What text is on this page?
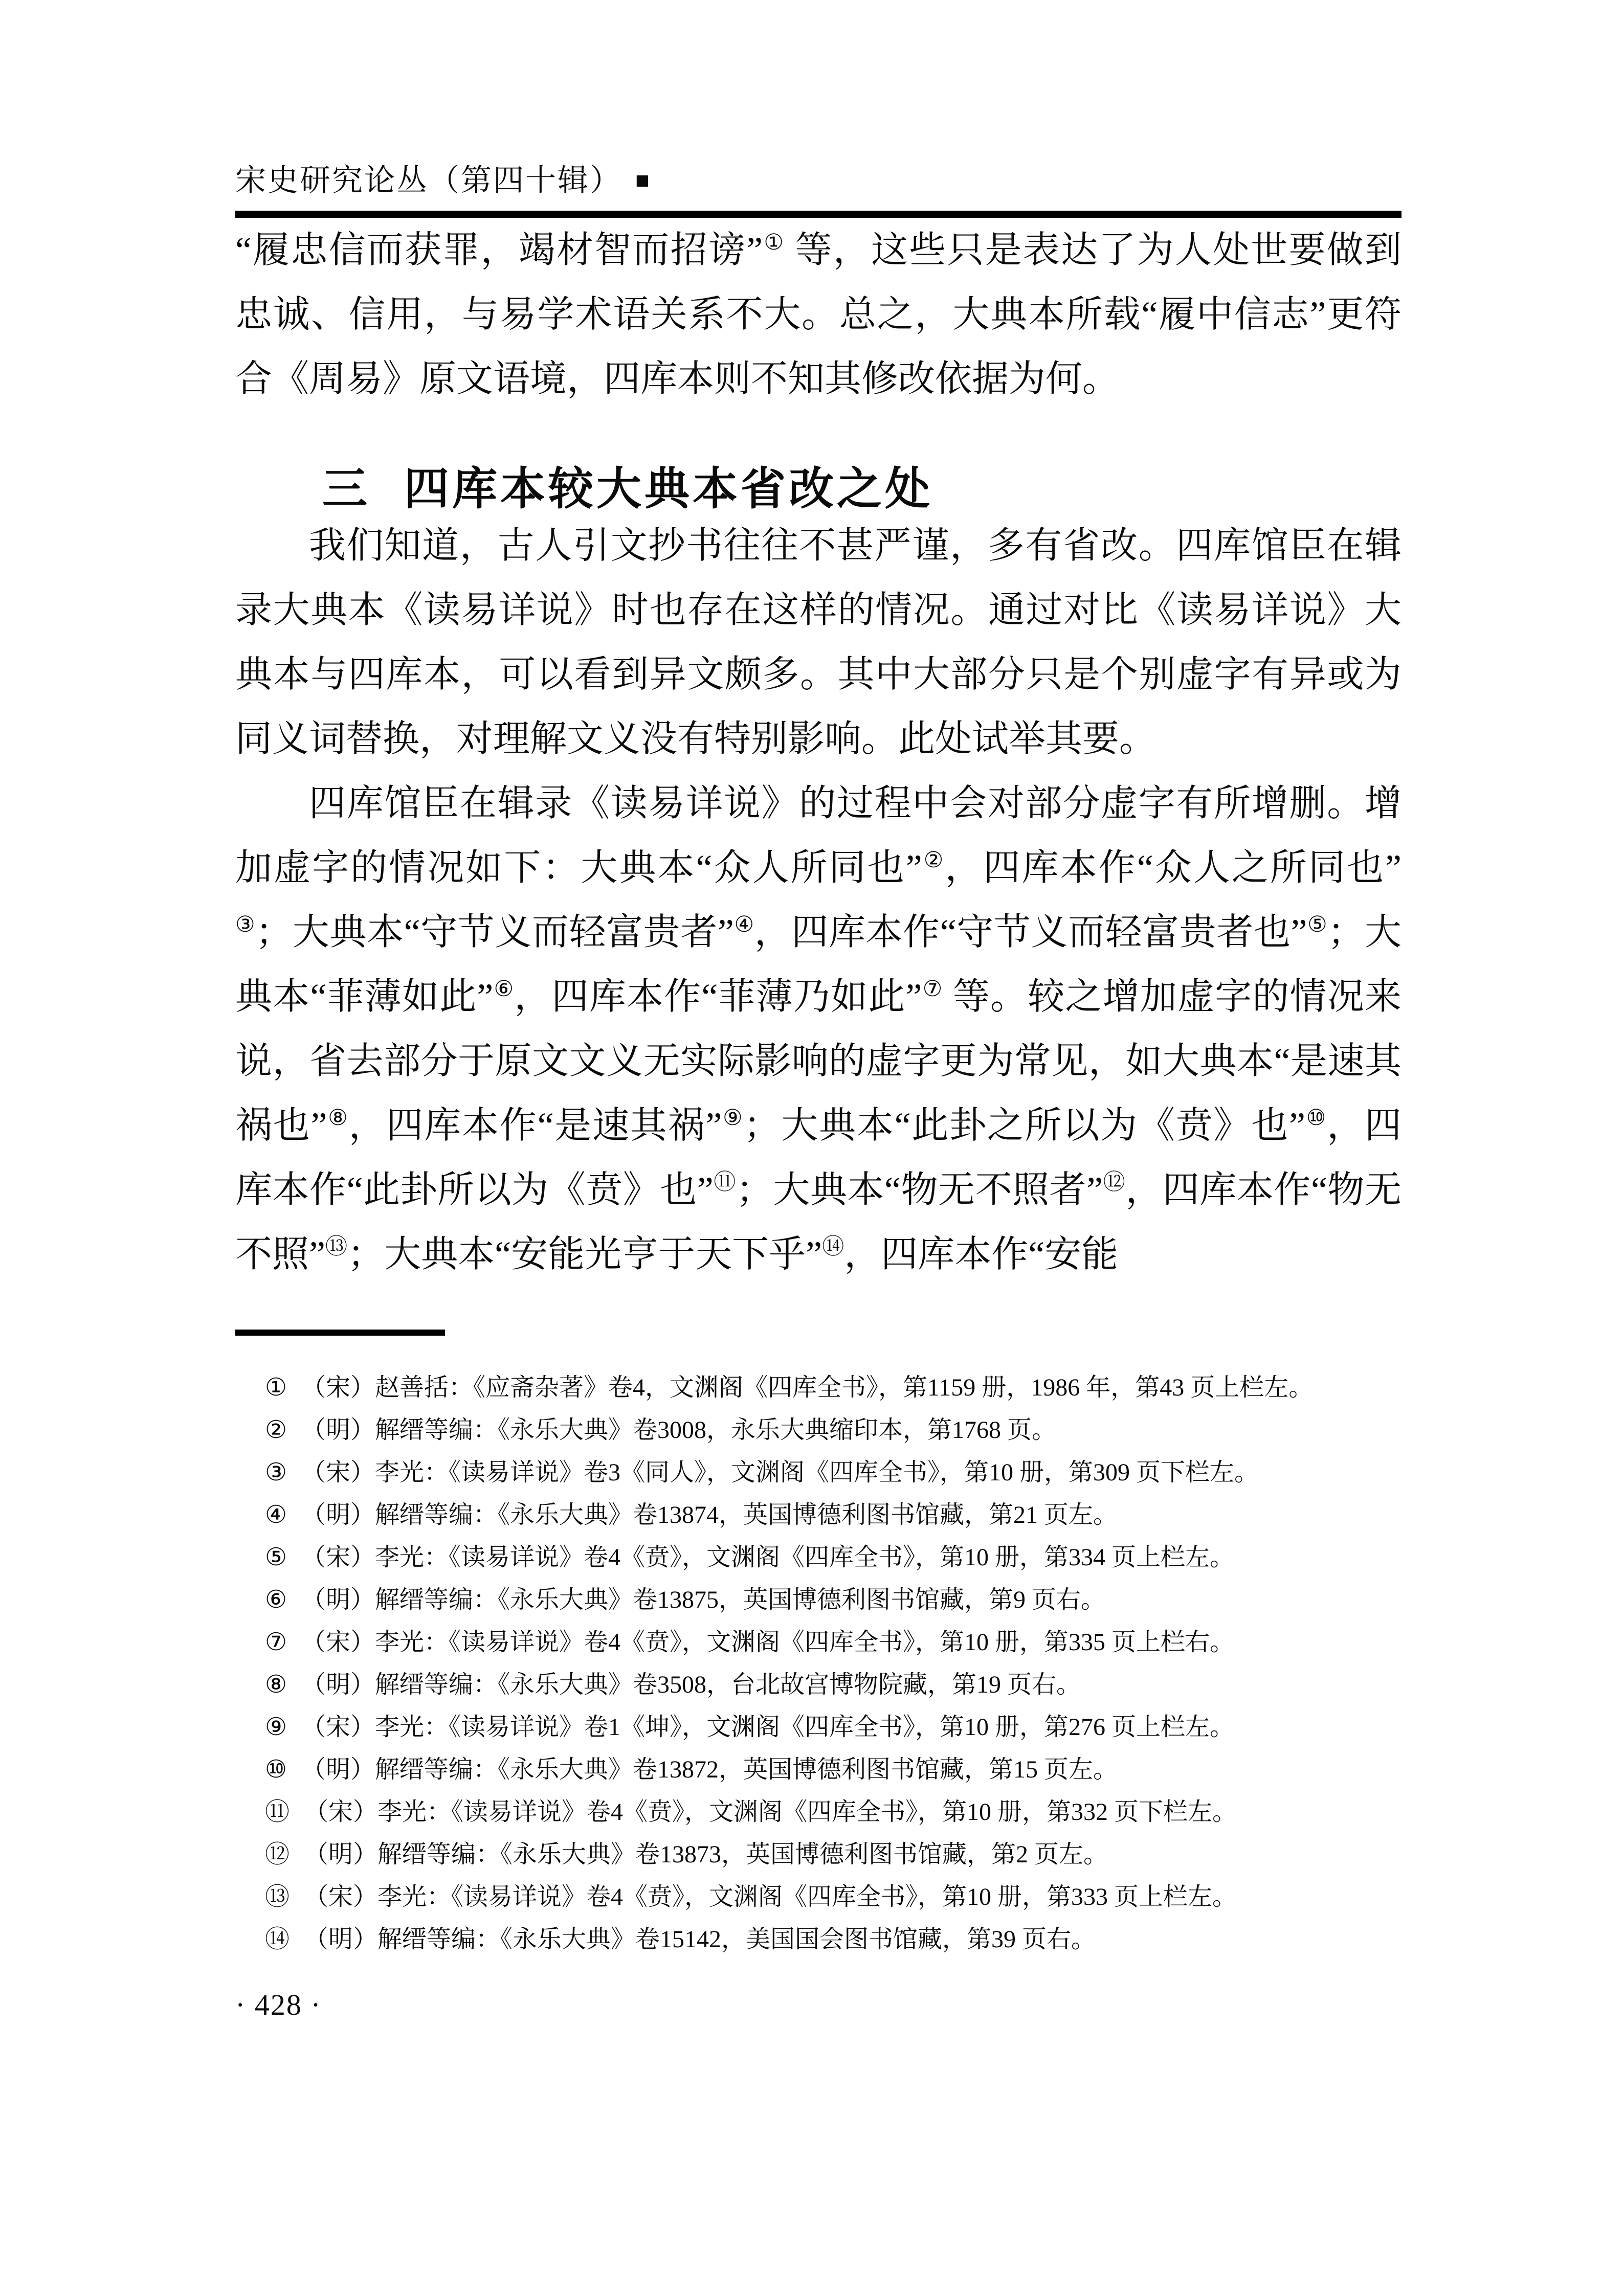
宋史研究论丛（第四十辑） ■

“履忠信而获罪，竭材智而招谤”① 等，这些只是表达了为人处世要做到忠诚、信用，与易学术语关系不大。总之，大典本所载“履中信志”更符合《周易》原文语境，四库本则不知其修改依据为何。

三 四库本较大典本省改之处

我们知道，古人引文抄书往往不甚严谨，多有省改。四库馆臣在辑录大典本《读易详说》时也存在这样的情况。通过对比《读易详说》大典本与四库本，可以看到异文颇多。其中大部分只是个别虚字有异或为同义词替换，对理解文义没有特别影响。此处试举其要。

四库馆臣在辑录《读易详说》的过程中会对部分虚字有所增删。增加虚字的情况如下：大典本“众人所同也”②，四库本作“众人之所同也”③；大典本“守节义而轻富贵者”④，四库本作“守节义而轻富贵者也”⑤；大典本“菲薄如此”⑥，四库本作“菲薄乃如此”⑦ 等。较之增加虚字的情况来说，省去部分于原文文义无实际影响的虚字更为常见，如大典本“是速其祸也”⑧，四库本作“是速其祸”⑨；大典本“此卦之所以为《贲》也”⑩，四库本作“此卦所以为《贲》也”⑪；大典本“物无不照者”⑫，四库本作“物无不照”⑬；大典本“安能光亨于天下乎”⑭，四库本作“安能

① （宋）赵善括：《应斋杂著》卷4，文渊阁《四库全书》，第1159 册，1986 年，第43 页上栏左。

② （明）解缙等编：《永乐大典》卷3008，永乐大典缩印本，第1768 页。

③ （宋）李光：《读易详说》卷3《同人》，文渊阁《四库全书》，第10 册，第309 页下栏左。

④ （明）解缙等编：《永乐大典》卷13874，英国博德利图书馆藏，第21 页左。

⑤ （宋）李光：《读易详说》卷4《贲》，文渊阁《四库全书》，第10 册，第334 页上栏左。

⑥ （明）解缙等编：《永乐大典》卷13875，英国博德利图书馆藏，第9 页右。

⑦ （宋）李光：《读易详说》卷4《贲》，文渊阁《四库全书》，第10 册，第335 页上栏右。

⑧ （明）解缙等编：《永乐大典》卷3508，台北故宫博物院藏，第19 页右。

⑨ （宋）李光：《读易详说》卷1《坤》，文渊阁《四库全书》，第10 册，第276 页上栏左。

⑩ （明）解缙等编：《永乐大典》卷13872，英国博德利图书馆藏，第15 页左。

⑪ （宋）李光：《读易详说》卷4《贲》，文渊阁《四库全书》，第10 册，第332 页下栏左。

⑫ （明）解缙等编：《永乐大典》卷13873，英国博德利图书馆藏，第2 页左。

⑬ （宋）李光：《读易详说》卷4《贲》，文渊阁《四库全书》，第10 册，第333 页上栏左。

⑭ （明）解缙等编：《永乐大典》卷15142，美国国会图书馆藏，第39 页右。

· 428 ·
